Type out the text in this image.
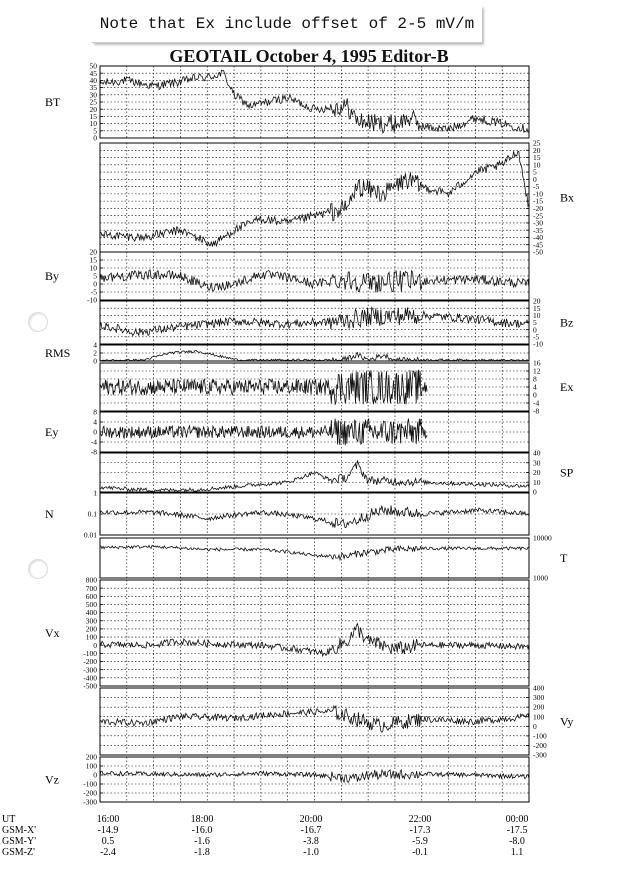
Note that Ex include offset of 2-5 mV/m
GEOTAIL October 4, 1995 Editor-B
50
45
40
35
30
25
20
15
10
5
0
BT
25
20
15
10
5
0
-5
-10
-15
-20
-25
-30
-35
-40
-45
-50
Bx
20
15
10
5
0
-5
-10
By
20
15
10
5
0
-5
-10
Bz
4
2
0
RMS
16
12
8
4
0
-4
-8
Ex
8
4
0
-4
-8
Ey
40
30
20
10
0
SP
1
0.1
0.01
N
10000
1000
T
800
700
600
500
400
300
200
100
0
-100
-200
-300
-400
-500
Vx
400
300
200
100
0
-100
-200
-300
Vy
200
100
0
-100
-200
-300
Vz
UT
GSM-X'
GSM-Y'
GSM-Z'
16:00
-14.9
0.5
-2.4
18:00
-16.0
-1.6
-1.8
20:00
-16.7
-3.8
-1.0
22:00
-17.3
-5.9
-0.1
00:00
-17.5
-8.0
1.1
